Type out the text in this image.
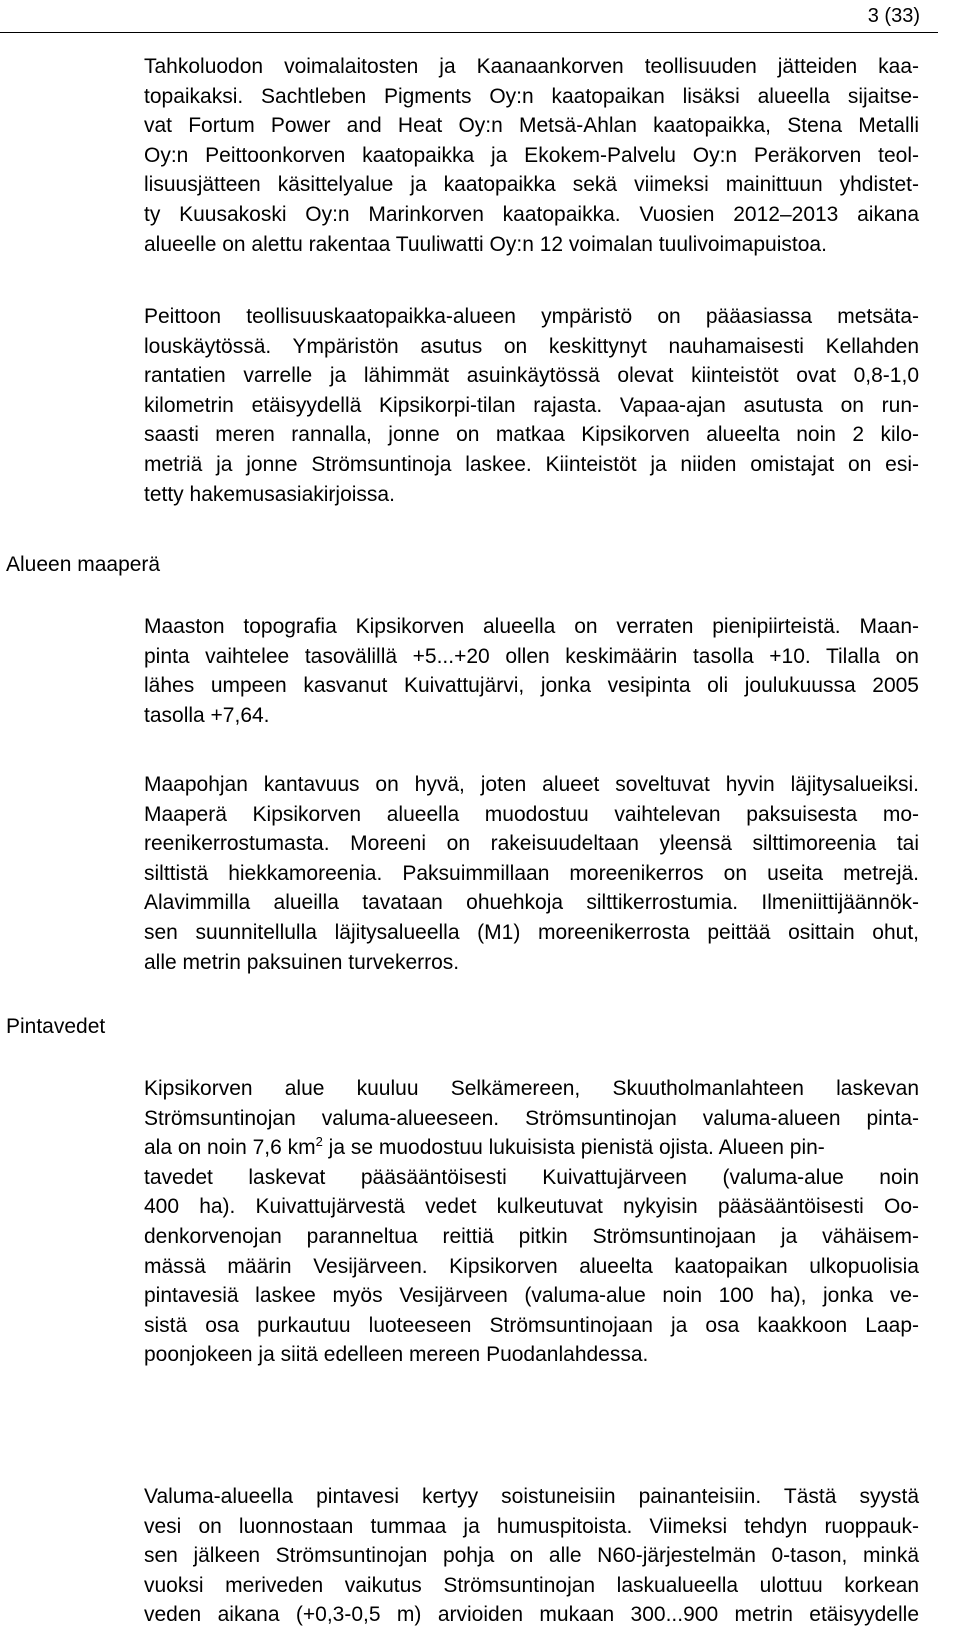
3 (33)
Tahkoluodon voimalaitosten ja Kaanaankorven teollisuuden jätteiden kaa-
topaikaksi. Sachtleben Pigments Oy:n kaatopaikan lisäksi alueella sijaitse-
vat Fortum Power and Heat Oy:n Metsä-Ahlan kaatopaikka, Stena Metalli
Oy:n Peittoonkorven kaatopaikka ja Ekokem-Palvelu Oy:n Peräkorven teol-
lisuusjätteen käsittelyalue ja kaatopaikka sekä viimeksi mainittuun yhdistet-
ty Kuusakoski Oy:n Marinkorven kaatopaikka. Vuosien 2012–2013 aikana
alueelle on alettu rakentaa Tuuliwatti Oy:n 12 voimalan tuulivoimapuistoa.
Peittoon teollisuuskaatopaikka-alueen ympäristö on pääasiassa metsäta-
louskäytössä. Ympäristön asutus on keskittynyt nauhamaisesti Kellahden
rantatien varrelle ja lähimmät asuinkäytössä olevat kiinteistöt ovat 0,8-1,0
kilometrin etäisyydellä Kipsikorpi-tilan rajasta. Vapaa-ajan asutusta on run-
saasti meren rannalla, jonne on matkaa Kipsikorven alueelta noin 2 kilo-
metriä ja jonne Strömsuntinoja laskee. Kiinteistöt ja niiden omistajat on esi-
tetty hakemusasiakirjoissa.
Alueen maaperä
Maaston topografia Kipsikorven alueella on verraten pienipiirteistä. Maan-
pinta vaihtelee tasovälillä +5...+20 ollen keskimäärin tasolla +10. Tilalla on
lähes umpeen kasvanut Kuivattujärvi, jonka vesipinta oli joulukuussa 2005
tasolla +7,64.
Maapohjan kantavuus on hyvä, joten alueet soveltuvat hyvin läjitysalueiksi.
Maaperä Kipsikorven alueella muodostuu vaihtelevan paksuisesta mo-
reenikerrostumasta. Moreeni on rakeisuudeltaan yleensä silttimoreenia tai
silttistä hiekkamoreenia. Paksuimmillaan moreenikerros on useita metrejä.
Alavimmilla alueilla tavataan ohuehkoja silttikerrostumia. Ilmeniittijäännök-
sen suunnitellulla läjitysalueella (M1) moreenikerrosta peittää osittain ohut,
alle metrin paksuinen turvekerros.
Pintavedet
Kipsikorven alue kuuluu Selkämereen, Skuutholmanlahteen laskevan
Strömsuntinojan valuma-alueeseen. Strömsuntinojan valuma-alueen pinta-
ala on noin 7,6 $km^2$ ja se muodostuu lukuisista pienistä ojista. Alueen pin-
tavedet laskevat pääsääntöisesti Kuivattujärveen (valuma-alue noin
400 ha). Kuivattujärvestä vedet kulkeutuvat nykyisin pääsääntöisesti Oo-
denkorvenojan paranneltua reittiä pitkin Strömsuntinojaan ja vähäisem-
mässä määrin Vesijärveen. Kipsikorven alueelta kaatopaikan ulkopuolisia
pintavesiä laskee myös Vesijärveen (valuma-alue noin 100 ha), jonka ve-
sistä osa purkautuu luoteeseen Strömsuntinojaan ja osa kaakkoon Laap-
poonjokeen ja siitä edelleen mereen Puodanlahdessa.
Valuma-alueella pintavesi kertyy soistuneisiin painanteisiin. Tästä syystä
vesi on luonnostaan tummaa ja humuspitoista. Viimeksi tehdyn ruoppauk-
sen jälkeen Strömsuntinojan pohja on alle N60-järjestelmän 0-tason, minkä
vuoksi meriveden vaikutus Strömsuntinojan laskualueella ulottuu korkean
veden aikana (+0,3-0,5 m) arvioiden mukaan 300...900 metrin etäisyydelle
